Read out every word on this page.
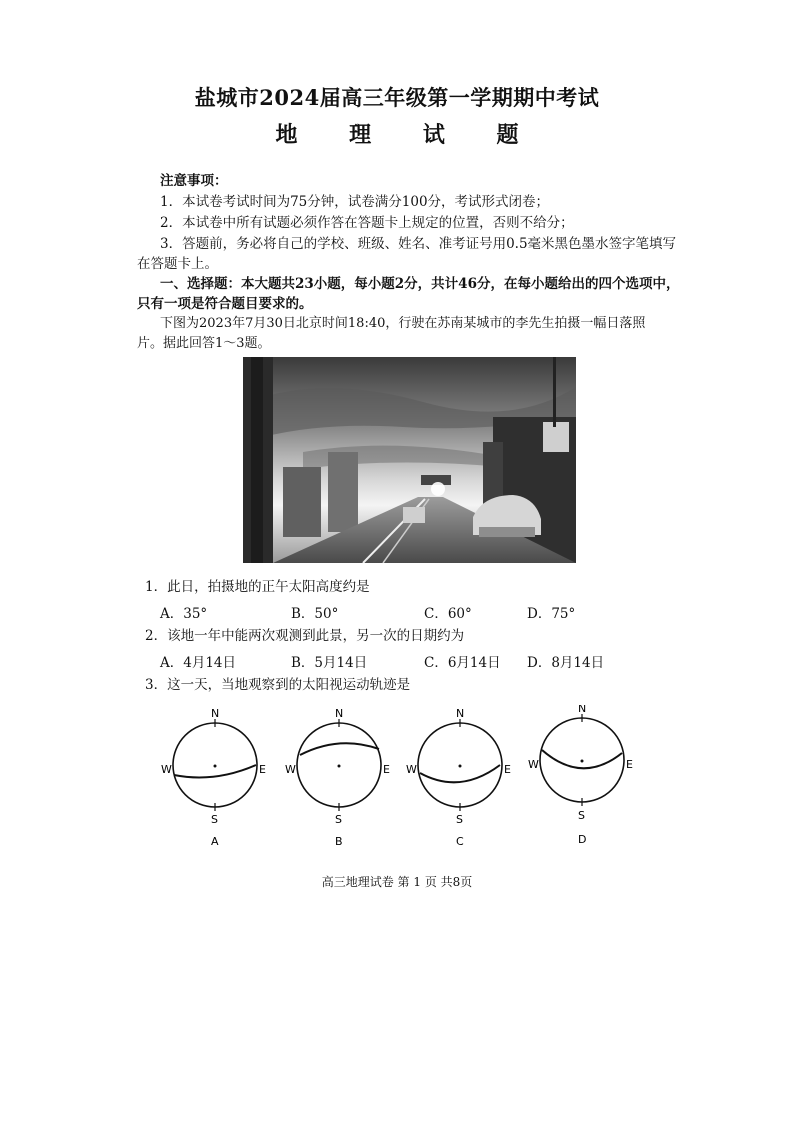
盐城市2024届高三年级第一学期期中考试
地 理 试 题
注意事项：
1．本试卷考试时间为75分钟，试卷满分100分，考试形式闭卷；
2．本试卷中所有试题必须作答在答题卡上规定的位置，否则不给分；
3．答题前，务必将自己的学校、班级、姓名、准考证号用0.5毫米黑色墨水签字笔填写
在答题卡上。
一、选择题：本大题共23小题，每小题2分，共计46分，在每小题给出的四个选项中，
只有一项是符合题目要求的。
下图为2023年7月30日北京时间18:40，行驶在苏南某城市的李先生拍摄一幅日落照
片。据此回答1～3题。
1．此日，拍摄地的正午太阳高度约是
A．35°	B．50°	C．60°	D．75°
2．该地一年中能两次观测到此景，另一次的日期约为
A．4月14日	B．5月14日	C．6月14日 D．8月14日
3．这一天，当地观察到的太阳视运动轨迹是
N
S
W	E
A
N
S
W	E
B
N
S
W	E
C
N
S
W	E
D
高三地理试卷 第 1 页 共8页
